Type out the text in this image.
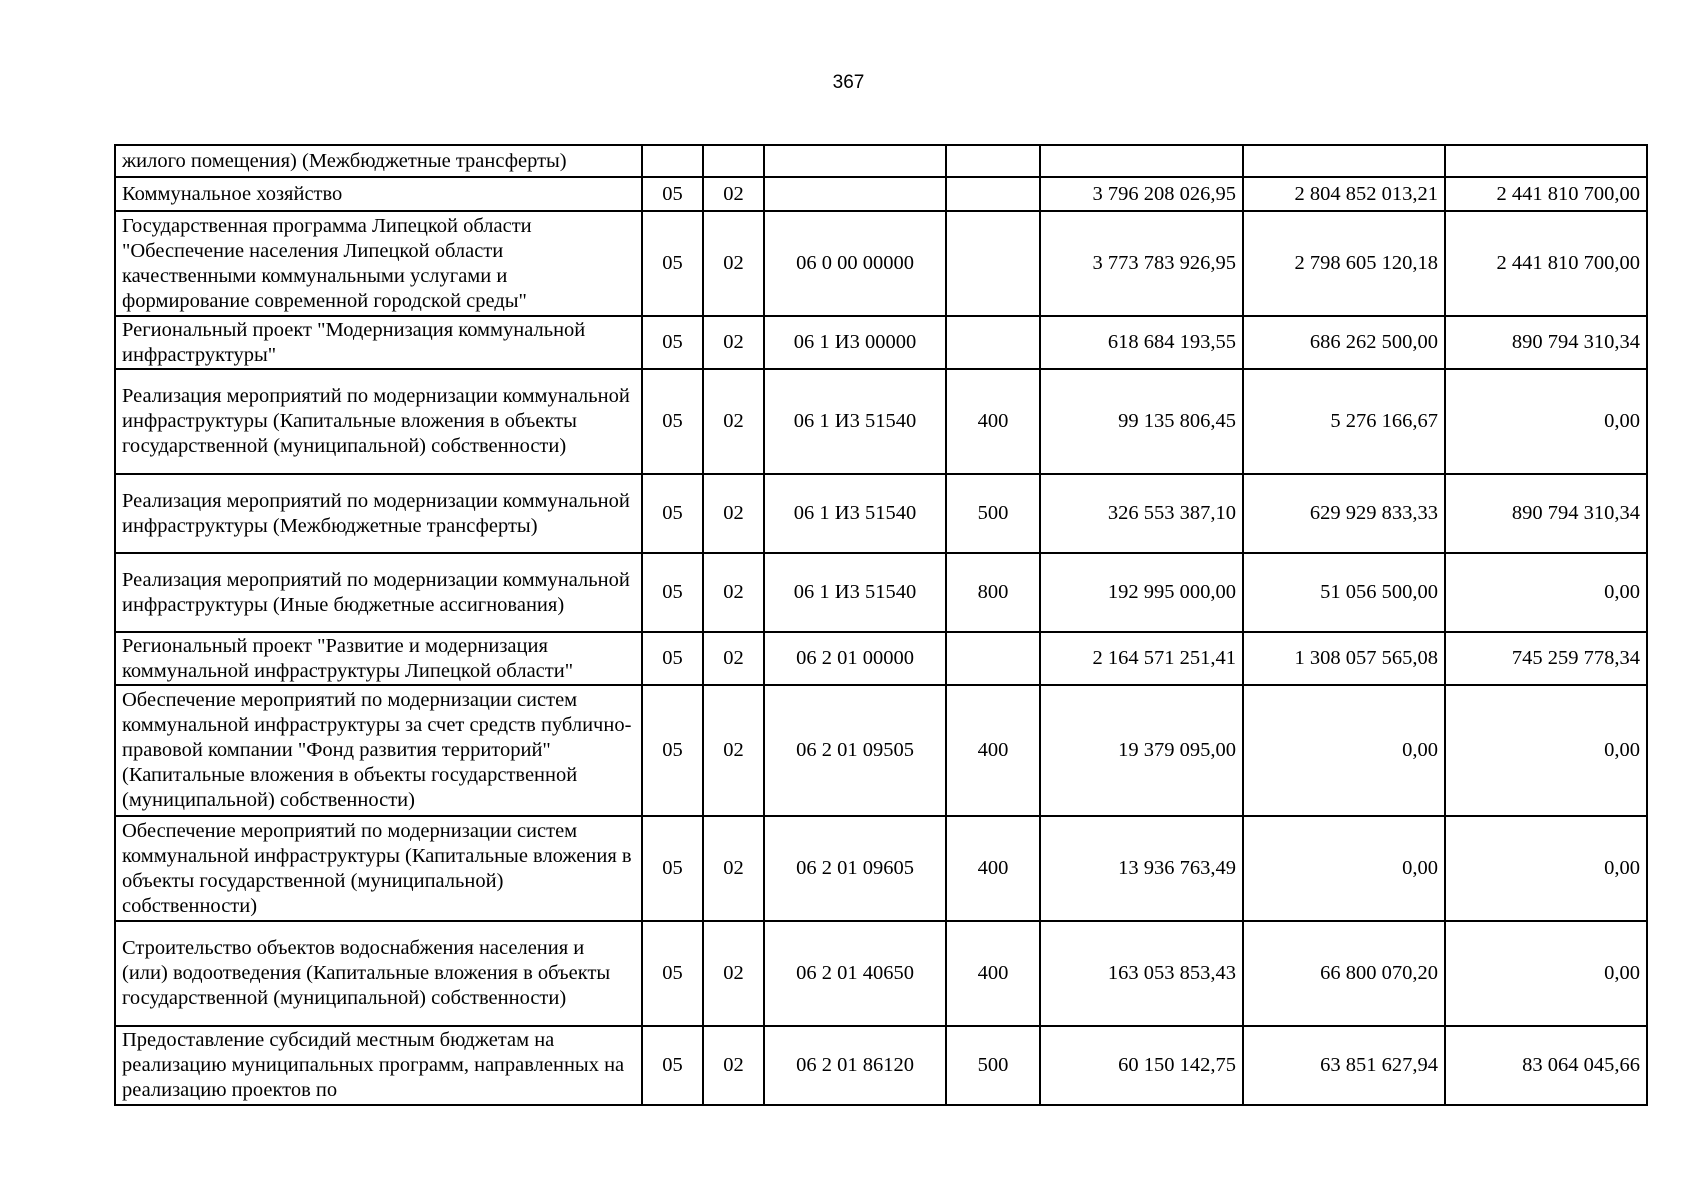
367
жилого помещения) (Межбюджетные трансферты)							
Коммунальное хозяйство	05	02			3 796 208 026,95	2 804 852 013,21	2 441 810 700,00
Государственная программа Липецкой области "Обеспечение населения Липецкой области качественными коммунальными услугами и формирование современной городской среды"	05	02	06 0 00 00000		3 773 783 926,95	2 798 605 120,18	2 441 810 700,00
Региональный проект "Модернизация коммунальной инфраструктуры"	05	02	06 1 И3 00000		618 684 193,55	686 262 500,00	890 794 310,34
Реализация мероприятий по модернизации коммунальной инфраструктуры (Капитальные вложения в объекты государственной (муниципальной) собственности)	05	02	06 1 И3 51540	400	99 135 806,45	5 276 166,67	0,00
Реализация мероприятий по модернизации коммунальной инфраструктуры (Межбюджетные трансферты)	05	02	06 1 И3 51540	500	326 553 387,10	629 929 833,33	890 794 310,34
Реализация мероприятий по модернизации коммунальной инфраструктуры (Иные бюджетные ассигнования)	05	02	06 1 И3 51540	800	192 995 000,00	51 056 500,00	0,00
Региональный проект "Развитие и модернизация коммунальной инфраструктуры Липецкой области"	05	02	06 2 01 00000		2 164 571 251,41	1 308 057 565,08	745 259 778,34
Обеспечение мероприятий по модернизации систем коммунальной инфраструктуры за счет средств публично-правовой компании "Фонд развития территорий" (Капитальные вложения в объекты государственной (муниципальной) собственности)	05	02	06 2 01 09505	400	19 379 095,00	0,00	0,00
Обеспечение мероприятий по модернизации систем коммунальной инфраструктуры (Капитальные вложения в объекты государственной (муниципальной) собственности)	05	02	06 2 01 09605	400	13 936 763,49	0,00	0,00
Строительство объектов водоснабжения населения и (или) водоотведения (Капитальные вложения в объекты государственной (муниципальной) собственности)	05	02	06 2 01 40650	400	163 053 853,43	66 800 070,20	0,00
Предоставление субсидий местным бюджетам на реализацию муниципальных программ, направленных на реализацию проектов по	05	02	06 2 01 86120	500	60 150 142,75	63 851 627,94	83 064 045,66
